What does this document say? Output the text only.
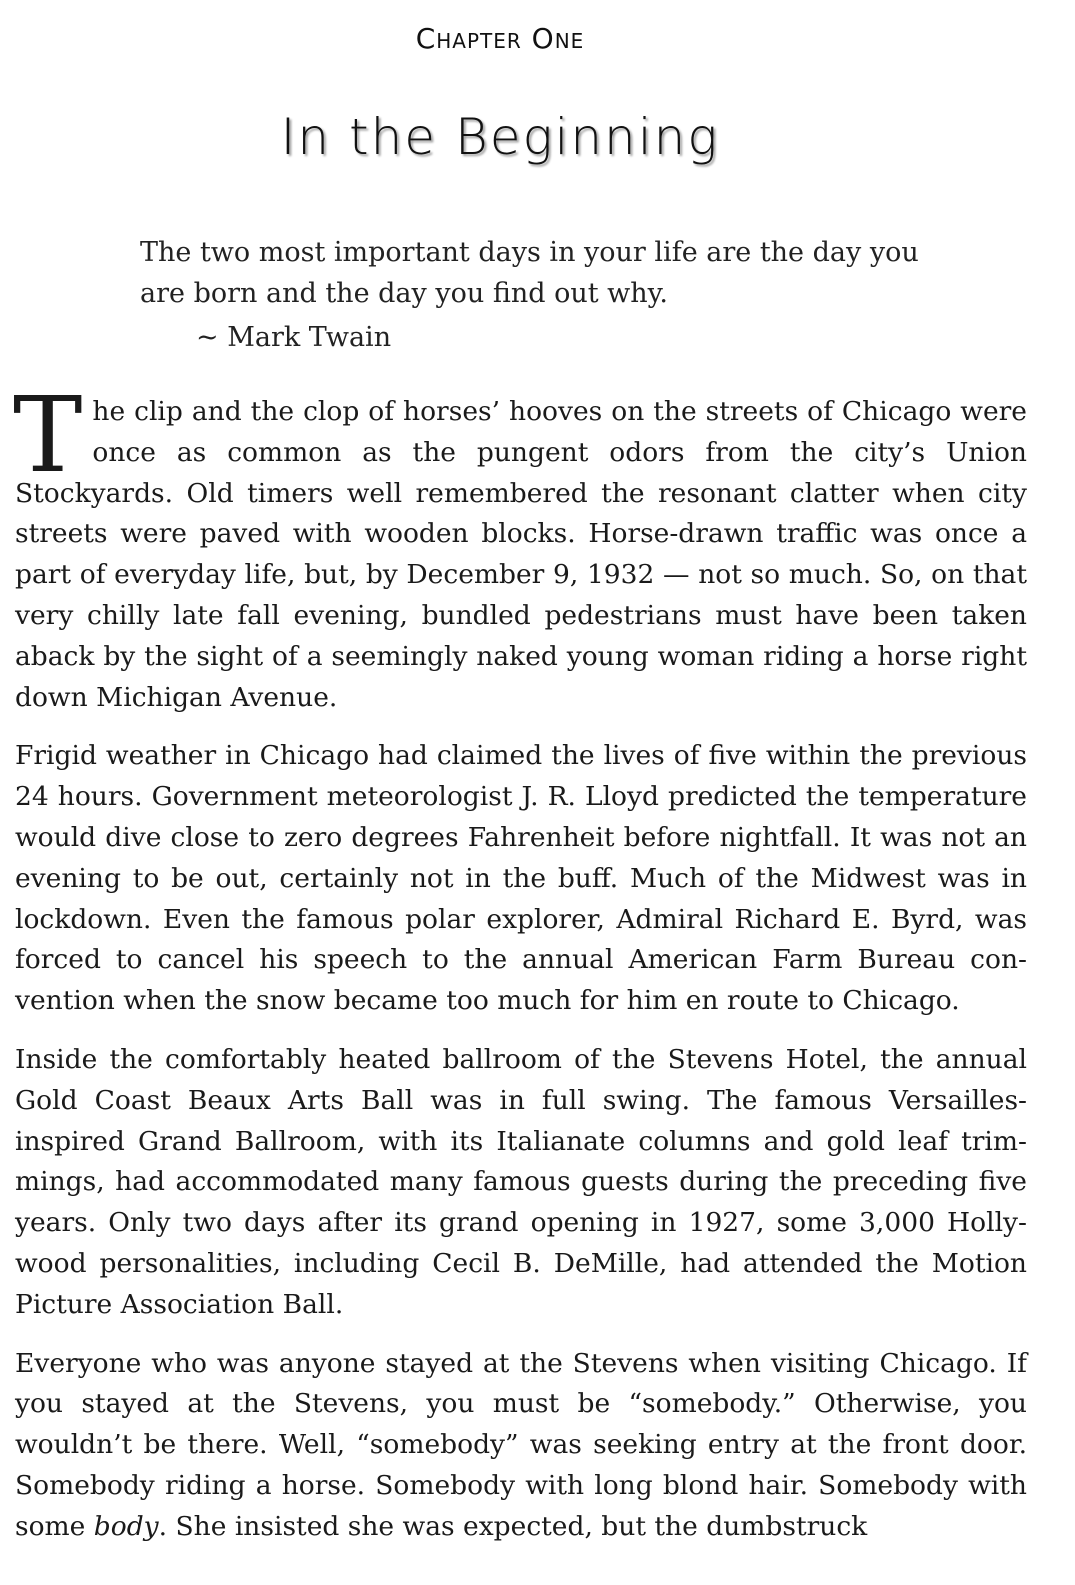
Chapter One
In the Beginning
The two most important days in your life are the day you are born and the day you find out why.
~ Mark Twain

The clip and the clop of horses’ hooves on the streets of Chicago were once as common as the pungent odors from the city’s Union Stockyards. Old timers well remembered the resonant clatter when city streets were paved with wooden blocks. Horse-drawn traffic was once a part of everyday life, but, by December 9, 1932 — not so much. So, on that very chilly late fall evening, bundled pedestrians must have been taken aback by the sight of a seemingly naked young woman riding a horse right down Michigan Avenue.

Frigid weather in Chicago had claimed the lives of five within the previous 24 hours. Government meteorologist J. R. Lloyd predicted the temperature would dive close to zero degrees Fahrenheit before nightfall. It was not an evening to be out, certainly not in the buff. Much of the Midwest was in lockdown. Even the famous polar explorer, Admiral Richard E. Byrd, was forced to cancel his speech to the annual American Farm Bureau convention when the snow became too much for him en route to Chicago.

Inside the comfortably heated ballroom of the Stevens Hotel, the annual Gold Coast Beaux Arts Ball was in full swing. The famous Versailles-inspired Grand Ballroom, with its Italianate columns and gold leaf trimmings, had accommodated many famous guests during the preceding five years. Only two days after its grand opening in 1927, some 3,000 Hollywood personalities, including Cecil B. DeMille, had attended the Motion Picture Association Ball.

Everyone who was anyone stayed at the Stevens when visiting Chicago. If you stayed at the Stevens, you must be “somebody.” Otherwise, you wouldn’t be there. Well, “somebody” was seeking entry at the front door. Somebody riding a horse. Somebody with long blond hair. Somebody with some body. She insisted she was expected, but the dumbstruck
